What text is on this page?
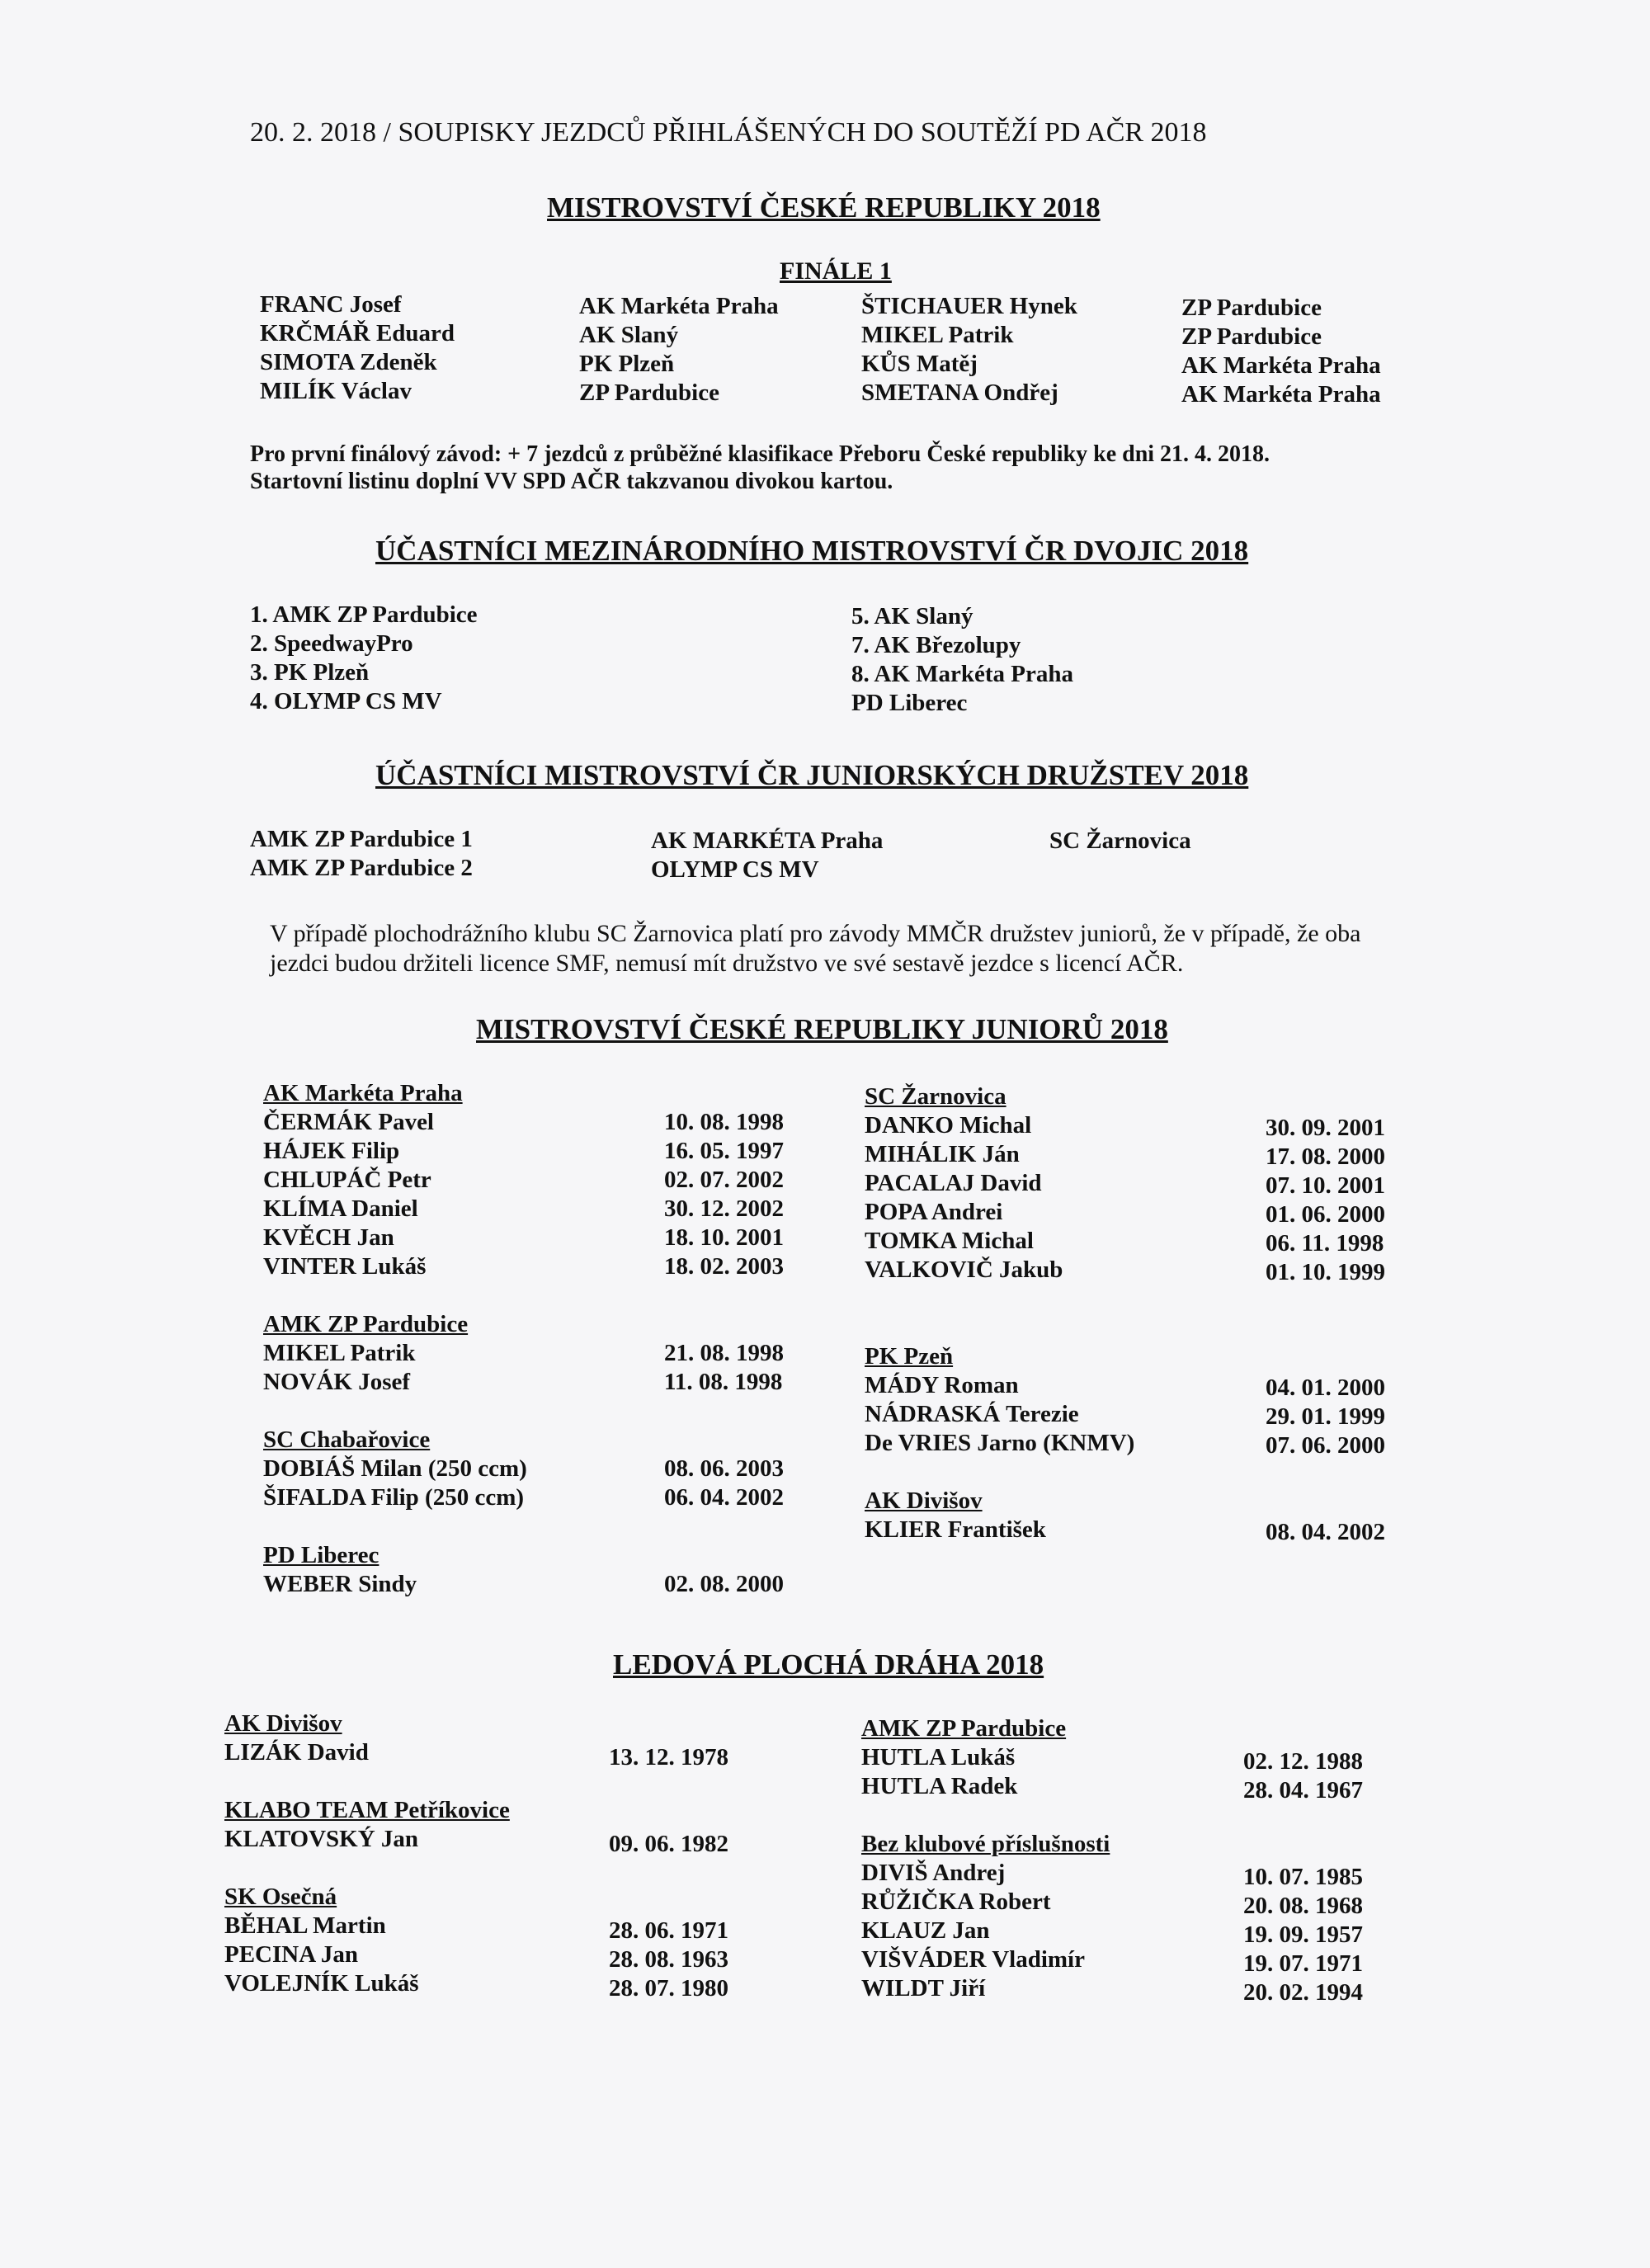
20. 2. 2018 / SOUPISKY JEZDCŮ PŘIHLÁŠENÝCH DO SOUTĚŽÍ PD AČR 2018
MISTROVSTVÍ ČESKÉ REPUBLIKY 2018
FINÁLE 1
FRANC Josef
KRČMÁŘ Eduard
SIMOTA Zdeněk
MILÍK Václav
AK Markéta Praha
AK Slaný
PK Plzeň
ZP Pardubice
ŠTICHAUER Hynek
MIKEL Patrik
KŮS Matěj
SMETANA Ondřej
ZP Pardubice
ZP Pardubice
AK Markéta Praha
AK Markéta Praha
Pro první finálový závod: + 7 jezdců z průběžné klasifikace Přeboru České republiky ke dni 21. 4. 2018.
Startovní listinu doplní VV SPD AČR takzvanou divokou kartou.
ÚČASTNÍCI MEZINÁRODNÍHO MISTROVSTVÍ ČR DVOJIC 2018
1. AMK ZP Pardubice
2. SpeedwayPro
3. PK Plzeň
4. OLYMP CS MV
5. AK Slaný
7. AK Březolupy
8. AK Markéta Praha
PD Liberec
ÚČASTNÍCI MISTROVSTVÍ ČR JUNIORSKÝCH DRUŽSTEV 2018
AMK ZP Pardubice 1
AMK ZP Pardubice 2
AK MARKÉTA Praha
OLYMP CS MV
SC Žarnovica
V případě plochodrážního klubu SC Žarnovica platí pro závody MMČR družstev juniorů, že v případě, že oba
jezdci budou držiteli licence SMF, nemusí mít družstvo ve své sestavě jezdce s licencí AČR.
MISTROVSTVÍ ČESKÉ REPUBLIKY JUNIORŮ 2018
AK Markéta Praha
ČERMÁK Pavel
HÁJEK Filip
CHLUPÁČ Petr
KLÍMA Daniel
KVĚCH Jan
VINTER Lukáš
AMK ZP Pardubice
MIKEL Patrik
NOVÁK Josef
SC Chabařovice
DOBIÁŠ Milan (250 ccm)
ŠIFALDA Filip (250 ccm)
PD Liberec
WEBER Sindy
10. 08. 1998
16. 05. 1997
02. 07. 2002
30. 12. 2002
18. 10. 2001
18. 02. 2003
21. 08. 1998
11. 08. 1998
08. 06. 2003
06. 04. 2002
02. 08. 2000
SC Žarnovica
DANKO Michal
MIHÁLIK Ján
PACALAJ David
POPA Andrei
TOMKA Michal
VALKOVIČ Jakub
PK Pzeň
MÁDY Roman
NÁDRASKÁ Terezie
De VRIES Jarno (KNMV)
AK Divišov
KLIER František
30. 09. 2001
17. 08. 2000
07. 10. 2001
01. 06. 2000
06. 11. 1998
01. 10. 1999
04. 01. 2000
29. 01. 1999
07. 06. 2000
08. 04. 2002
LEDOVÁ PLOCHÁ DRÁHA 2018
AK Divišov
LIZÁK David
KLABO TEAM Petříkovice
KLATOVSKÝ Jan
SK Osečná
BĚHAL Martin
PECINA Jan
VOLEJNÍK Lukáš
13. 12. 1978
09. 06. 1982
28. 06. 1971
28. 08. 1963
28. 07. 1980
AMK ZP Pardubice
HUTLA Lukáš
HUTLA Radek
Bez klubové příslušnosti
DIVIŠ Andrej
RŮŽIČKA Robert
KLAUZ Jan
VIŠVÁDER Vladimír
WILDT Jiří
02. 12. 1988
28. 04. 1967
10. 07. 1985
20. 08. 1968
19. 09. 1957
19. 07. 1971
20. 02. 1994
